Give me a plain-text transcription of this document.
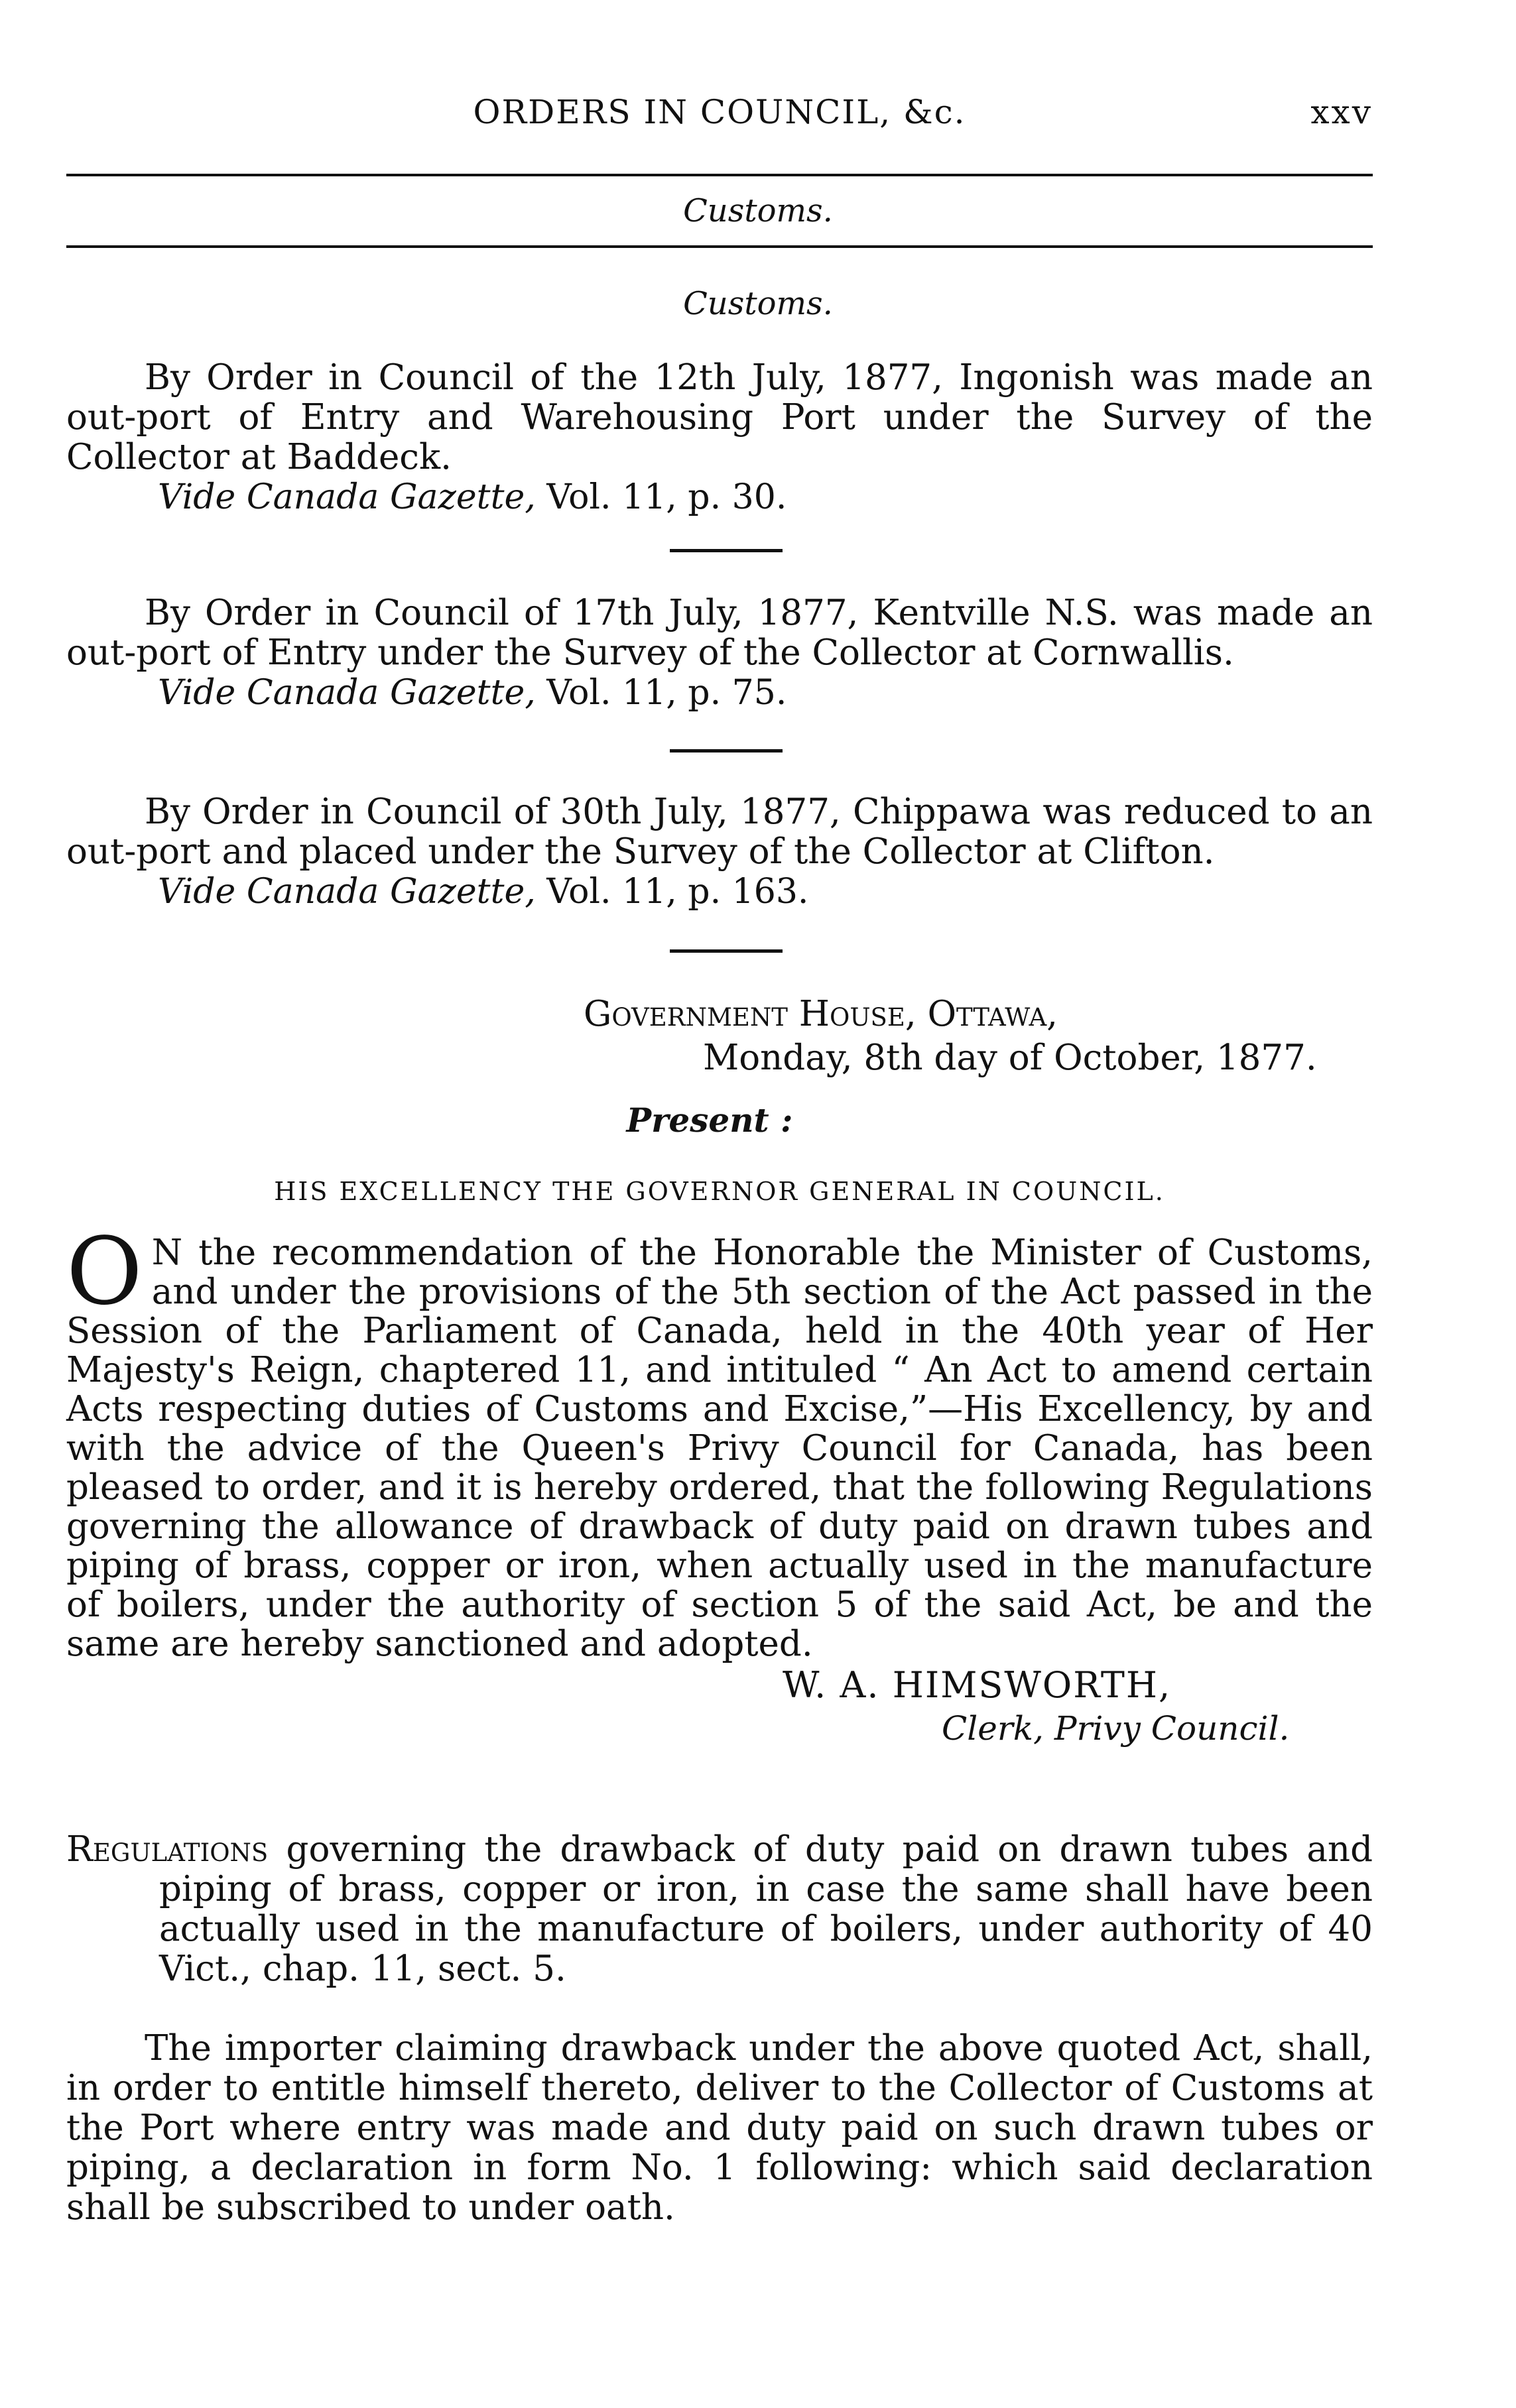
ORDERS IN COUNCIL, &c.	xxv
Customs.
Customs.

By Order in Council of the 12th July, 1877, Ingonish was made an out-port of Entry and Warehousing Port under the Survey of the Collector at Baddeck.

Vide Canada Gazette, Vol. 11, p. 30.

By Order in Council of 17th July, 1877, Kentville N.S. was made an out-port of Entry under the Survey of the Collector at Cornwallis.

Vide Canada Gazette, Vol. 11, p. 75.

By Order in Council of 30th July, 1877, Chippawa was reduced to an out-port and placed under the Survey of the Collector at Clifton.

Vide Canada Gazette, Vol. 11, p. 163.
Government House, Ottawa,
Monday, 8th day of October, 1877.
Present :
HIS EXCELLENCY THE GOVERNOR GENERAL IN COUNCIL.
O N the recommendation of the Honorable the Minister of Customs, and under the provisions of the 5th section of the Act passed in the Session of the Parliament of Canada, held in the 40th year of Her Majesty's Reign, chaptered 11, and intituled “ An Act to amend certain Acts respecting duties of Customs and Excise,”—His Excellency, by and with the advice of the Queen's Privy Council for Canada, has been pleased to order, and it is hereby ordered, that the following Regulations governing the allowance of drawback of duty paid on drawn tubes and piping of brass, copper or iron, when actually used in the manufacture of boilers, under the authority of section 5 of the said Act, be and the same are hereby sanctioned and adopted.
W. A. HIMSWORTH,
Clerk, Privy Council.

Regulations governing the drawback of duty paid on drawn tubes and piping of brass, copper or iron, in case the same shall have been actually used in the manufacture of boilers, under authority of 40 Vict., chap. 11, sect. 5.

The importer claiming drawback under the above quoted Act, shall, in order to entitle himself thereto, deliver to the Collector of Customs at the Port where entry was made and duty paid on such drawn tubes or piping, a declaration in form No. 1 following: which said declaration shall be subscribed to under oath.
